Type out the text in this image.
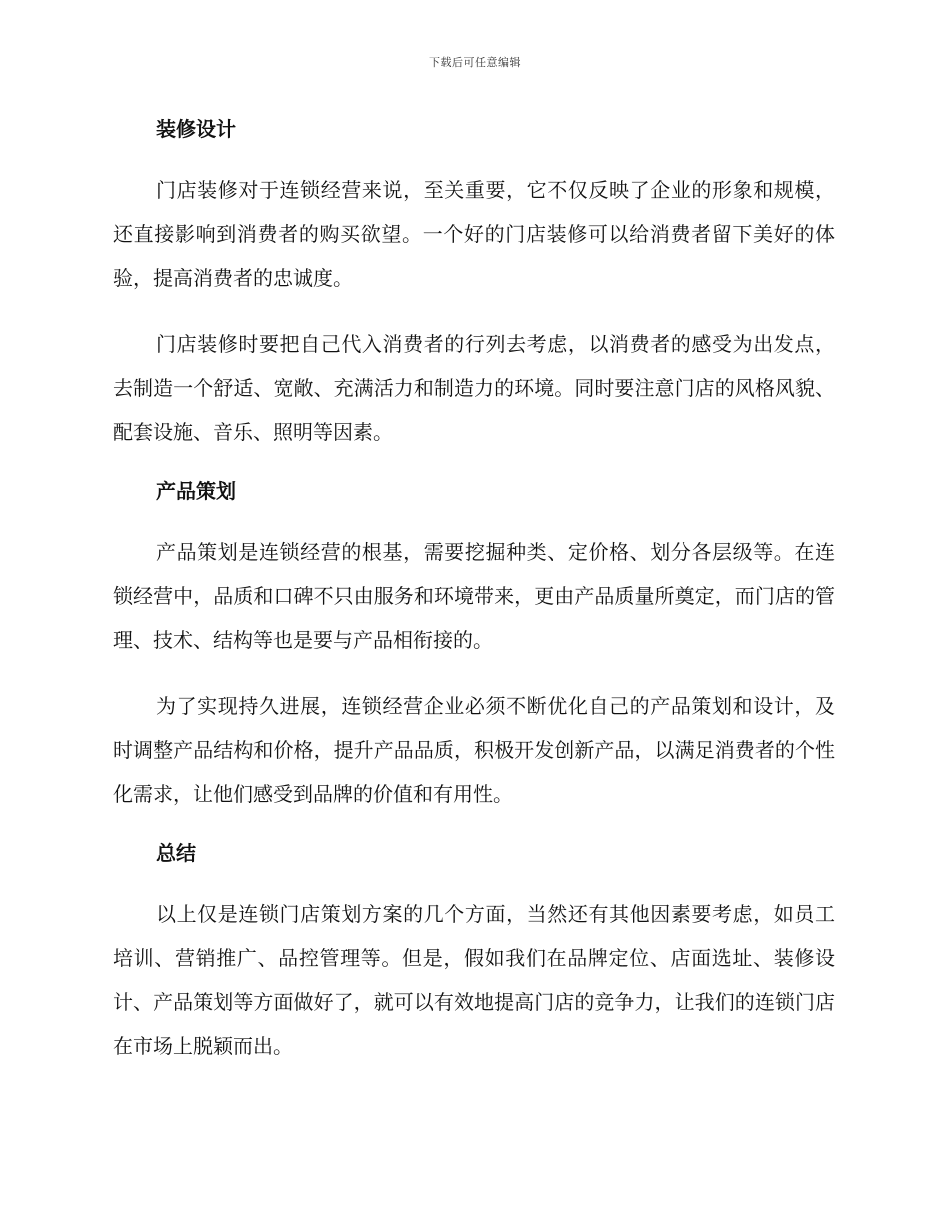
下载后可任意编辑
装修设计

门店装修对于连锁经营来说，至关重要，它不仅反映了企业的形象和规模，还直接影响到消费者的购买欲望。一个好的门店装修可以给消费者留下美好的体验，提高消费者的忠诚度。

门店装修时要把自己代入消费者的行列去考虑，以消费者的感受为出发点，去制造一个舒适、宽敞、充满活力和制造力的环境。同时要注意门店的风格风貌、配套设施、音乐、照明等因素。

产品策划

产品策划是连锁经营的根基，需要挖掘种类、定价格、划分各层级等。在连锁经营中，品质和口碑不只由服务和环境带来，更由产品质量所奠定，而门店的管理、技术、结构等也是要与产品相衔接的。

为了实现持久进展，连锁经营企业必须不断优化自己的产品策划和设计，及时调整产品结构和价格，提升产品品质，积极开发创新产品，以满足消费者的个性化需求，让他们感受到品牌的价值和有用性。

总结

以上仅是连锁门店策划方案的几个方面，当然还有其他因素要考虑，如员工培训、营销推广、品控管理等。但是，假如我们在品牌定位、店面选址、装修设计、产品策划等方面做好了，就可以有效地提高门店的竞争力，让我们的连锁门店在市场上脱颖而出。
